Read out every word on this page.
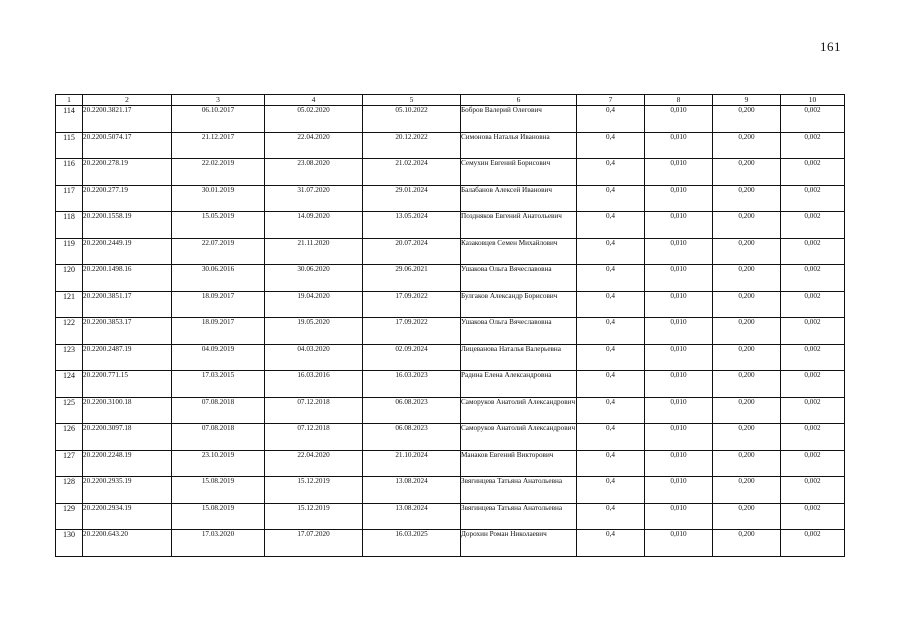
161
1	2	3	4	5	6	7	8	9	10
114	20.2200.3821.17	06.10.2017	05.02.2020	05.10.2022	Бобров Валерий Олегович	0,4	0,010	0,200	0,002
115	20.2200.5074.17	21.12.2017	22.04.2020	20.12.2022	Симонова Наталья Ивановна	0,4	0,010	0,200	0,002
116	20.2200.278.19	22.02.2019	23.08.2020	21.02.2024	Семухин Евгений Борисович	0,4	0,010	0,200	0,002
117	20.2200.277.19	30.01.2019	31.07.2020	29.01.2024	Балабанов Алексей Иванович	0,4	0,010	0,200	0,002
118	20.2200.1558.19	15.05.2019	14.09.2020	13.05.2024	Поздняков Евгений Анатольевич	0,4	0,010	0,200	0,002
119	20.2200.2449.19	22.07.2019	21.11.2020	20.07.2024	Казаковцев Семен Михайлович	0,4	0,010	0,200	0,002
120	20.2200.1498.16	30.06.2016	30.06.2020	29.06.2021	Ушакова Ольга Вячеславовна	0,4	0,010	0,200	0,002
121	20.2200.3851.17	18.09.2017	19.04.2020	17.09.2022	Булгаков Александр Борисович	0,4	0,010	0,200	0,002
122	20.2200.3853.17	18.09.2017	19.05.2020	17.09.2022	Ушакова Ольга Вячеславовна	0,4	0,010	0,200	0,002
123	20.2200.2487.19	04.09.2019	04.03.2020	02.09.2024	Лицеванова Наталья Валерьевна	0,4	0,010	0,200	0,002
124	20.2200.771.15	17.03.2015	16.03.2016	16.03.2023	Радина Елена Александровна	0,4	0,010	0,200	0,002
125	20.2200.3100.18	07.08.2018	07.12.2018	06.08.2023	Саморуков Анатолий Александрович	0,4	0,010	0,200	0,002
126	20.2200.3097.18	07.08.2018	07.12.2018	06.08.2023	Саморуков Анатолий Александрович	0,4	0,010	0,200	0,002
127	20.2200.2248.19	23.10.2019	22.04.2020	21.10.2024	Манаков Евгений Викторович	0,4	0,010	0,200	0,002
128	20.2200.2935.19	15.08.2019	15.12.2019	13.08.2024	Звягинцева Татьяна Анатольевна	0,4	0,010	0,200	0,002
129	20.2200.2934.19	15.08.2019	15.12.2019	13.08.2024	Звягинцева Татьяна Анатольевна	0,4	0,010	0,200	0,002
130	20.2200.643.20	17.03.2020	17.07.2020	16.03.2025	Дорохин Роман Николаевич	0,4	0,010	0,200	0,002
